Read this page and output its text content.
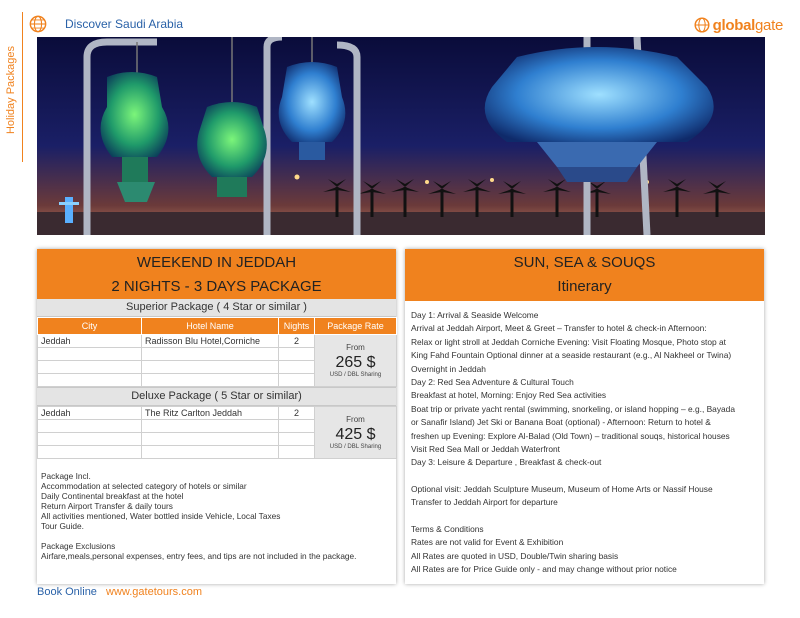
Holiday Packages
Discover Saudi Arabia	globalgate
WEEKEND IN JEDDAH
2 NIGHTS - 3 DAYS PACKAGE
Superior Package ( 4 Star or similar )
City	Hotel Name	Nights	Package Rate
Jeddah	Radisson Blu Hotel,Corniche	2	From
265 $
USD / DBL Sharing

Deluxe Package ( 5 Star or similar)
Jeddah	The Ritz Carlton Jeddah	2	From
425 $
USD / DBL Sharing

Package Incl.
Accommodation at selected category of hotels or similar
Daily Continental breakfast at the hotel
Return Airport Transfer & daily tours
All activities mentioned, Water bottled inside Vehicle, Local Taxes
Tour Guide.
Package Exclusions
Airfare,meals,personal expenses, entry fees, and tips are not included in the package.
SUN, SEA & SOUQS
Itinerary
Day 1: Arrival & Seaside Welcome
Arrival at Jeddah Airport, Meet & Greet – Transfer to hotel & check-in Afternoon:
Relax or light stroll at Jeddah Corniche Evening: Visit Floating Mosque, Photo stop at
King Fahd Fountain Optional dinner at a seaside restaurant (e.g., Al Nakheel or Twina)
Overnight in Jeddah
Day 2: Red Sea Adventure & Cultural Touch
Breakfast at hotel, Morning: Enjoy Red Sea activities
Boat trip or private yacht rental (swimming, snorkeling, or island hopping – e.g., Bayada
or Sanafir Island) Jet Ski or Banana Boat (optional) - Afternoon: Return to hotel &
freshen up Evening: Explore Al-Balad (Old Town) – traditional souqs, historical houses
Visit Red Sea Mall or Jeddah Waterfront
Day 3: Leisure & Departure , Breakfast & check-out
Optional visit: Jeddah Sculpture Museum, Museum of Home Arts or Nassif House
Transfer to Jeddah Airport for departure
Terms & Conditions
Rates are not valid for Event & Exhibition
All Rates are quoted in USD, Double/Twin sharing basis
All Rates are for Price Guide only - and may change without prior notice
Book Online www.gatetours.com
